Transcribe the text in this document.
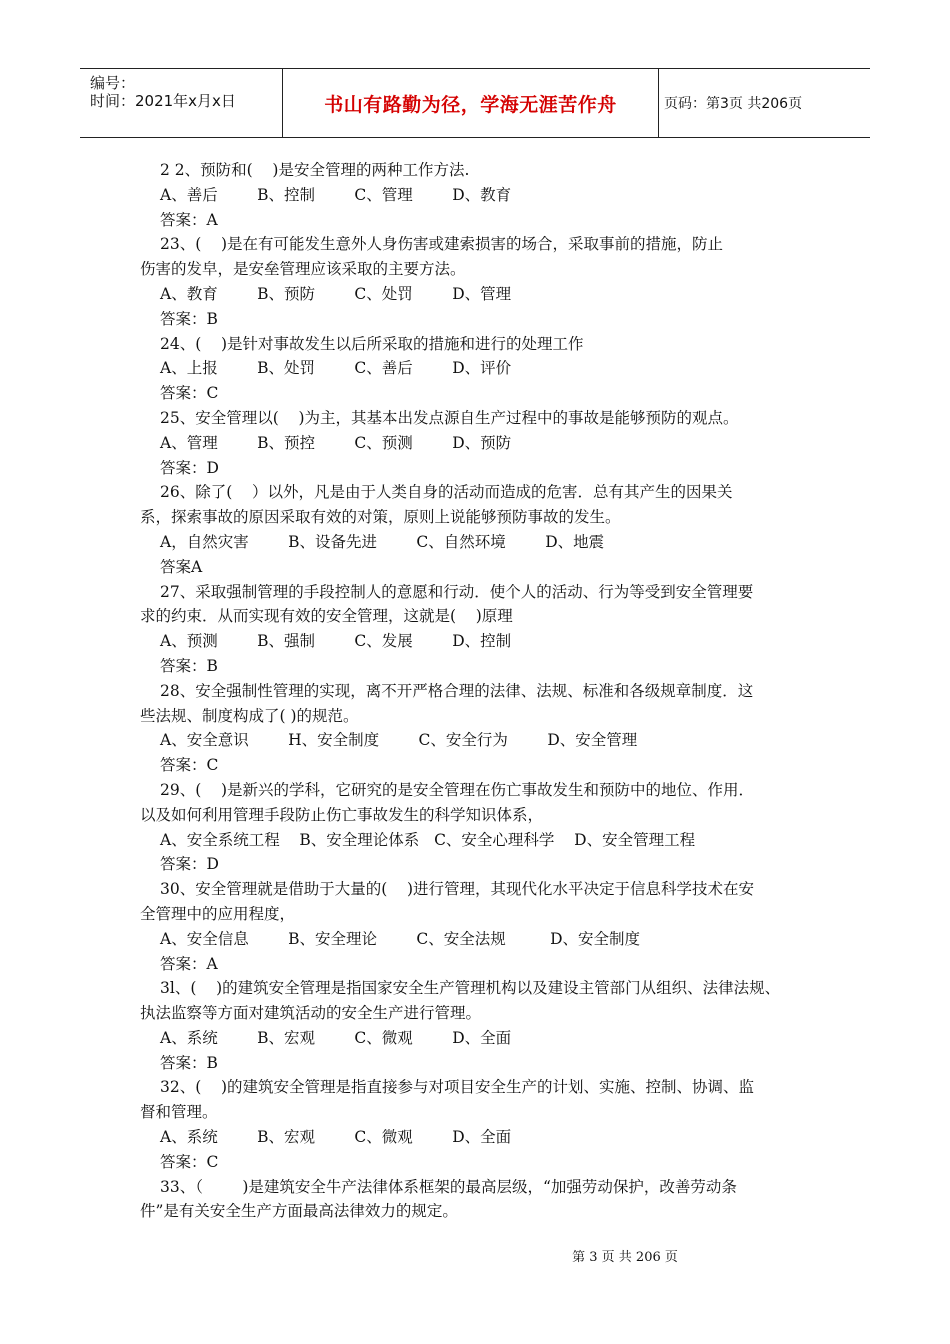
编号：
时间：2021年x月x日	书山有路勤为径，学海无涯苦作舟	页码：第3页 共206页
2 2、预防和(    )是安全管理的两种工作方法.
A、善后        B、控制        C、管理        D、教育
答案：A
23、(    )是在有可能发生意外人身伤害或建索损害的场合，采取事前的措施，防止
伤害的发皁，是安垒管理应该采取的主要方法。
A、教育        B、预防        C、处罚        D、管理
答案：B
24、(    )是针对事故发生以后所采取的措施和进行的处理工作
A、上报        B、处罚        C、善后        D、评价
答案：C
25、安全管理以(    )为主，其基本出发点源自生产过程中的事故是能够预防的观点。
A、管理        B、预控        C、预测        D、预防
答案：D
26、除了(    ）以外，凡是由于人类自身的活动而造成的危害．总有其产生的因果关
系，探索事故的原因采取有效的对策，原则上说能够预防事故的发生。
A，自然灾害        B、设备先进        C、自然环境        D、地震
答案A
27、采取强制管理的手段控制人的意愿和行动．使个人的活动、行为等受到安全管理要
求的约束．从而实现有效的安全管理，这就是(    )原理
A、预测        B、强制        C、发展        D、控制
答案：B
28、安全强制性管理的实现，离不开严格合理的法律、法规、标准和各级规章制度．这
些法规、制度构成了( )的规范。
A、安全意识        H、安全制度        C、安全行为        D、安全管理
答案：C
29、(    )是新兴的学科，它研究的是安全管理在伤亡事故发生和预防中的地位、作用．
以及如何利用管理手段防止伤亡事故发生的科学知识体系，
A、安全系统工程    B、安全理论体系   C、安全心理科学    D、安全管理工程
答案：D
30、安全管理就是借助于大量的(    )进行管理，其现代化水平决定于信息科学技术在安
全管理中的应用程度，
A、安全信息        B、安全理论        C、安全法规         D、安全制度
答案：A
3l、(    )的建筑安全管理是指国家安全生产管理机构以及建设主管部门从组织、法律法规、
执法监察等方面对建筑活动的安全生产进行管理。
A、系统        B、宏观        C、微观        D、全面
答案：B
32、(    )的建筑安全管理是指直接参与对项目安全生产的计划、实施、控制、协调、监
督和管理。
A、系统        B、宏观        C、微观        D、全面
答案：C
33、（        )是建筑安全牛产法律体系框架的最高层级，“加强劳动保护，改善劳动条
件”是有关安全生产方面最高法律效力的规定。
第 3 页 共 206 页
